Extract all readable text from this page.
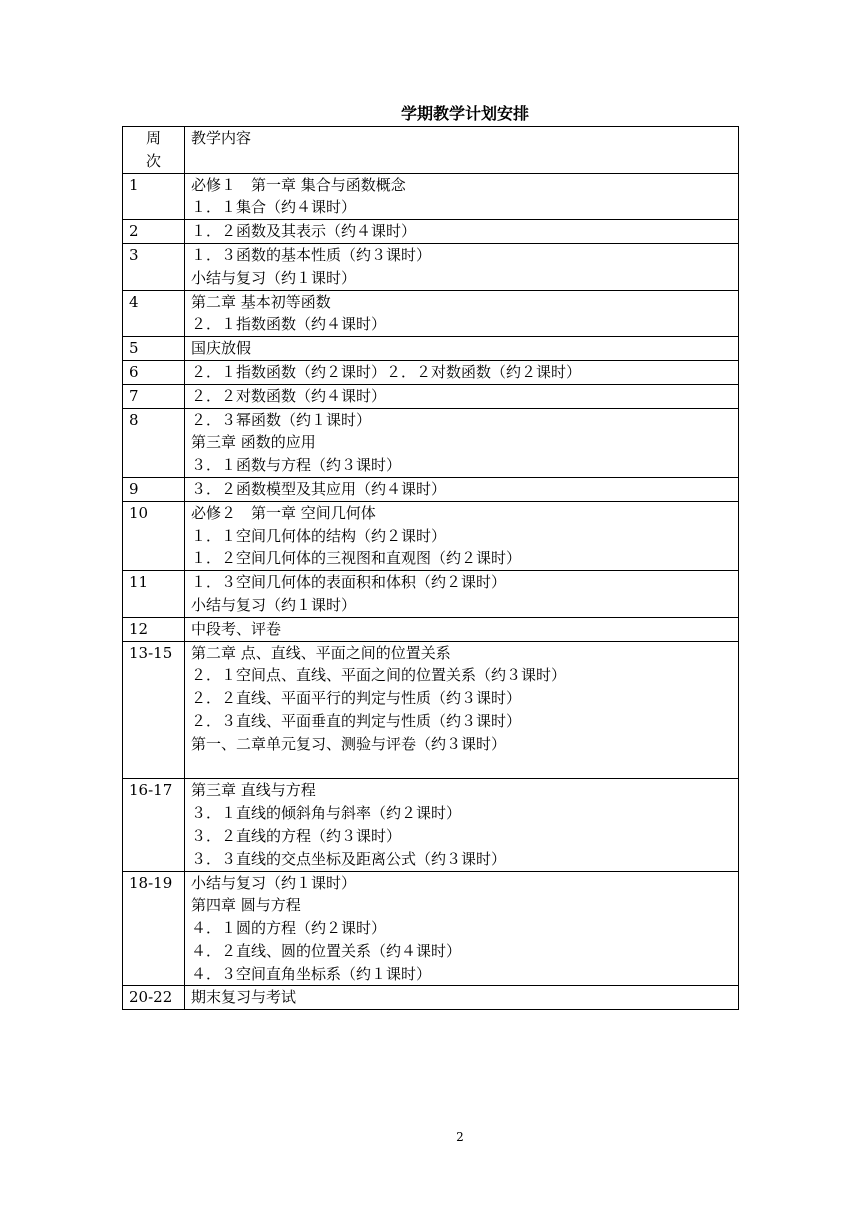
学期教学计划安排
周
次	教学内容
1	必修１　第一章 集合与函数概念
１．１集合（约４课时）

2	１．２函数及其表示（约４课时）

3	１．３函数的基本性质（约３课时）
小结与复习（约１课时）

4	第二章 基本初等函数
２．１指数函数（约４课时）

5	国庆放假

6	２．１指数函数（约２课时）２．２对数函数（约２课时）

7	２．２对数函数（约４课时）

8	２．３幂函数（约１课时）
第三章 函数的应用
３．１函数与方程（约３课时）

9	３．２函数模型及其应用（约４课时）

10	必修２　第一章 空间几何体
１．１空间几何体的结构（约２课时）
１．２空间几何体的三视图和直观图（约２课时）

11	１．３空间几何体的表面积和体积（约２课时）
小结与复习（约１课时）

12	中段考、评卷

13-15	第二章 点、直线、平面之间的位置关系
２．１空间点、直线、平面之间的位置关系（约３课时）
２．２直线、平面平行的判定与性质（约３课时）
２．３直线、平面垂直的判定与性质（约３课时）
第一、二章单元复习、测验与评卷（约３课时）

16-17	第三章 直线与方程
３．１直线的倾斜角与斜率（约２课时）
３．２直线的方程（约３课时）
３．３直线的交点坐标及距离公式（约３课时）

18-19	小结与复习（约１课时）
第四章 圆与方程
４．１圆的方程（约２课时）
４．２直线、圆的位置关系（约４课时）
４．３空间直角坐标系（约１课时）

20-22	期末复习与考试
2
